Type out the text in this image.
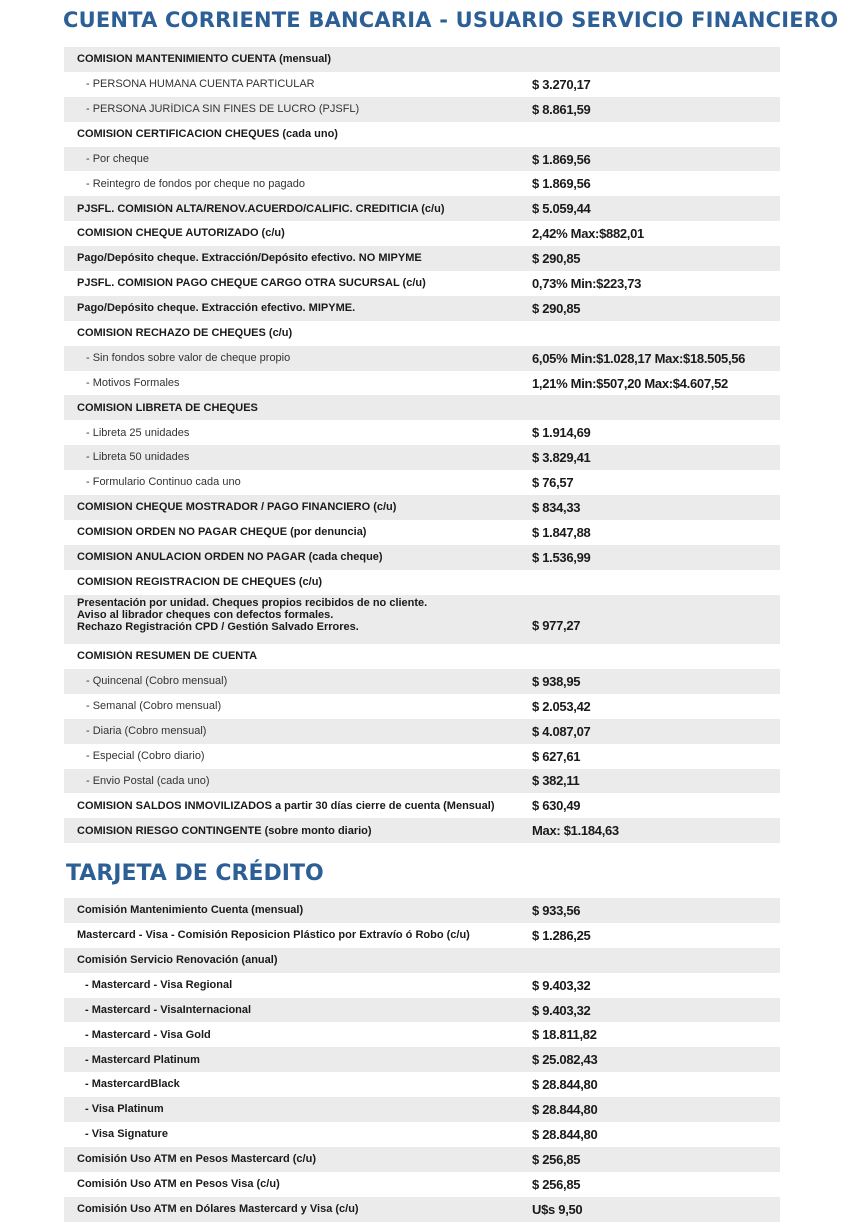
CUENTA CORRIENTE BANCARIA - USUARIO SERVICIO FINANCIERO
COMISION MANTENIMIENTO CUENTA (mensual)
- PERSONA HUMANA CUENTA PARTICULAR	$ 3.270,17
- PERSONA JURÍDICA SIN FINES DE LUCRO (PJSFL)	$ 8.861,59
COMISION CERTIFICACION CHEQUES (cada uno)
- Por cheque	$ 1.869,56
- Reintegro de fondos por cheque no pagado	$ 1.869,56
PJSFL. COMISIÓN ALTA/RENOV.ACUERDO/CALIFIC. CREDITICIA (c/u)	$ 5.059,44
COMISION CHEQUE AUTORIZADO (c/u)	2,42% Max:$882,01
Pago/Depósito cheque. Extracción/Depósito efectivo. NO MIPYME	$ 290,85
PJSFL. COMISION PAGO CHEQUE CARGO OTRA SUCURSAL (c/u)	0,73% Min:$223,73
Pago/Depósito cheque. Extracción efectivo. MIPYME.	$ 290,85
COMISION RECHAZO DE CHEQUES (c/u)
- Sin fondos sobre valor de cheque propio	6,05% Min:$1.028,17 Max:$18.505,56
- Motivos Formales	1,21% Min:$507,20 Max:$4.607,52
COMISION LIBRETA DE CHEQUES
- Libreta 25 unidades	$ 1.914,69
- Libreta 50 unidades	$ 3.829,41
- Formulario Continuo cada uno	$ 76,57
COMISION CHEQUE MOSTRADOR / PAGO FINANCIERO (c/u)	$ 834,33
COMISION ORDEN NO PAGAR CHEQUE (por denuncia)	$ 1.847,88
COMISION ANULACION ORDEN NO PAGAR (cada cheque)	$ 1.536,99
COMISION REGISTRACION DE CHEQUES (c/u)
Presentación por unidad. Cheques propios recibidos de no cliente.
Aviso al librador cheques con defectos formales.
Rechazo Registración CPD / Gestión Salvado Errores.	$ 977,27
COMISIÓN RESUMEN DE CUENTA
- Quincenal (Cobro mensual)	$ 938,95
- Semanal (Cobro mensual)	$ 2.053,42
- Diaria (Cobro mensual)	$ 4.087,07
- Especial (Cobro diario)	$ 627,61
- Envio Postal (cada uno)	$ 382,11
COMISION SALDOS INMOVILIZADOS a partir 30 días cierre de cuenta (Mensual)	$ 630,49
COMISION RIESGO CONTINGENTE (sobre monto diario)	Max: $1.184,63
TARJETA DE CRÉDITO
Comisión Mantenimiento Cuenta (mensual)	$ 933,56
Mastercard - Visa - Comisión Reposicion Plástico por Extravío ó Robo (c/u)	$ 1.286,25
Comisión Servicio Renovación (anual)
- Mastercard - Visa Regional	$ 9.403,32
- Mastercard - VisaInternacional	$ 9.403,32
- Mastercard - Visa Gold	$ 18.811,82
- Mastercard Platinum	$ 25.082,43
- MastercardBlack	$ 28.844,80
- Visa Platinum	$ 28.844,80
- Visa Signature	$ 28.844,80
Comisión Uso ATM en Pesos Mastercard (c/u)	$ 256,85
Comisión Uso ATM en Pesos Visa (c/u)	$ 256,85
Comisión Uso ATM en Dólares Mastercard y Visa (c/u)	U$s 9,50
